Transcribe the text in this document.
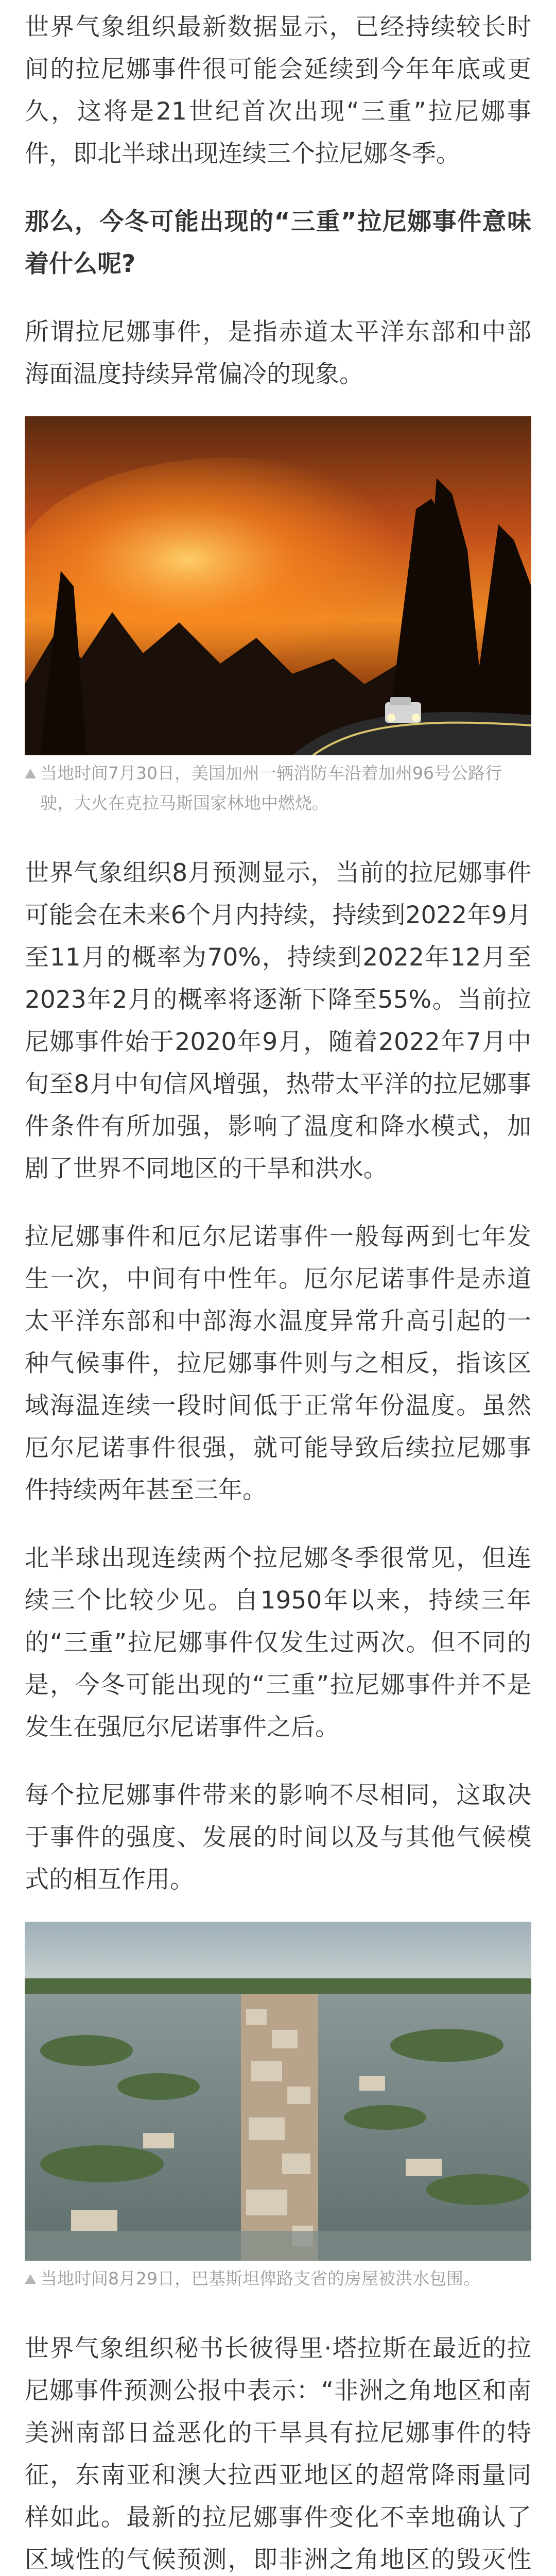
世界气象组织最新数据显示，已经持续较长时间的拉尼娜事件很可能会延续到今年年底或更久，这将是21世纪首次出现“三重”拉尼娜事件，即北半球出现连续三个拉尼娜冬季。

那么，今冬可能出现的“三重”拉尼娜事件意味着什么呢?

所谓拉尼娜事件，是指赤道太平洋东部和中部海面温度持续异常偏冷的现象。

当地时间7月30日，美国加州一辆消防车沿着加州96号公路行驶，大火在克拉马斯国家林地中燃烧。

世界气象组织8月预测显示，当前的拉尼娜事件可能会在未来6个月内持续，持续到2022年9月至11月的概率为70%，持续到2022年12月至2023年2月的概率将逐渐下降至55%。当前拉尼娜事件始于2020年9月，随着2022年7月中旬至8月中旬信风增强，热带太平洋的拉尼娜事件条件有所加强，影响了温度和降水模式，加剧了世界不同地区的干旱和洪水。

拉尼娜事件和厄尔尼诺事件一般每两到七年发生一次，中间有中性年。厄尔尼诺事件是赤道太平洋东部和中部海水温度异常升高引起的一种气候事件，拉尼娜事件则与之相反，指该区域海温连续一段时间低于正常年份温度。虽然厄尔尼诺事件很强，就可能导致后续拉尼娜事件持续两年甚至三年。

北半球出现连续两个拉尼娜冬季很常见，但连续三个比较少见。自1950年以来，持续三年的“三重”拉尼娜事件仅发生过两次。但不同的是，今冬可能出现的“三重”拉尼娜事件并不是发生在强厄尔尼诺事件之后。

每个拉尼娜事件带来的影响不尽相同，这取决于事件的强度、发展的时间以及与其他气候模式的相互作用。

当地时间8月29日，巴基斯坦俾路支省的房屋被洪水包围。

世界气象组织秘书长彼得里·塔拉斯在最近的拉尼娜事件预测公报中表示：“非洲之角地区和南美洲南部日益恶化的干旱具有拉尼娜事件的特征，东南亚和澳大拉西亚地区的超常降雨量同样如此。最新的拉尼娜事件变化不幸地确认了区域性的气候预测，即非洲之角地区的毁灭性
